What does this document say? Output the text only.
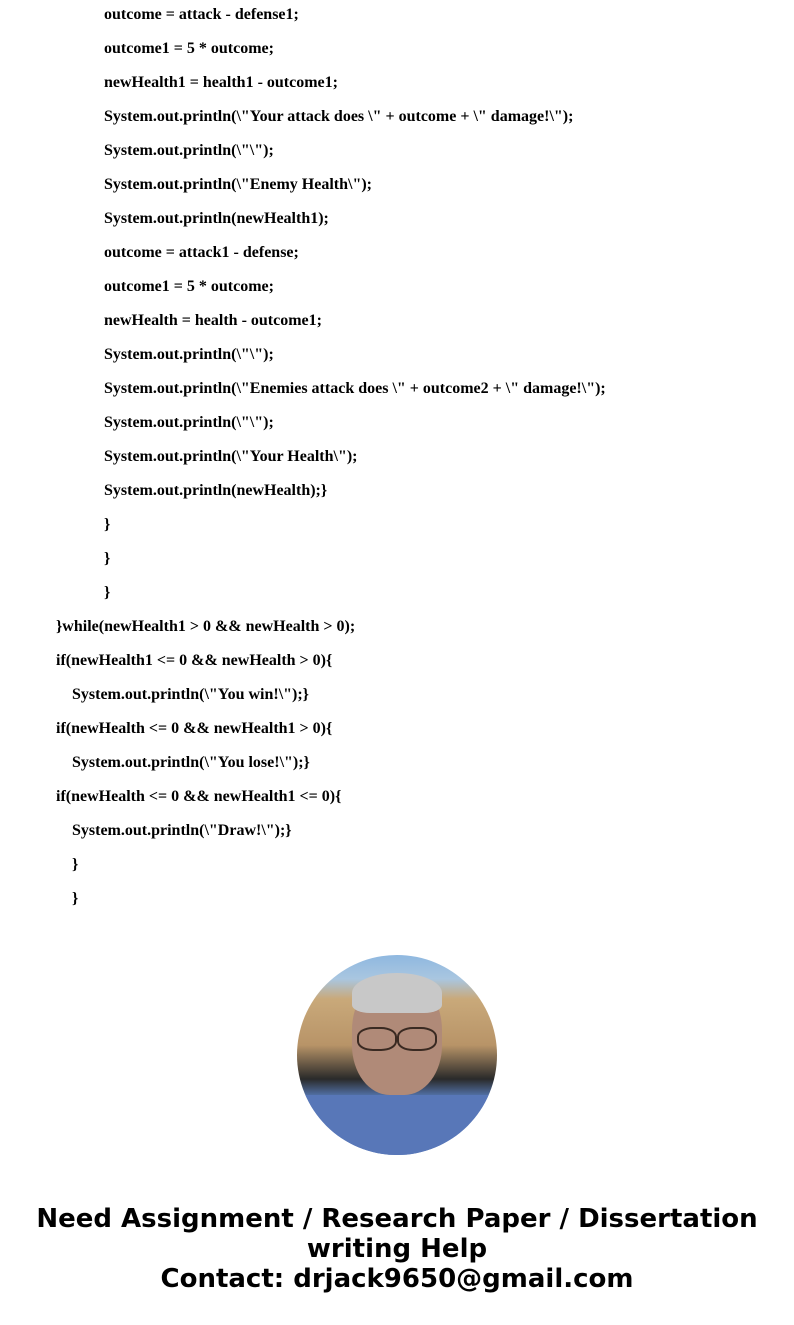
outcome = attack - defense1;
outcome1 = 5 * outcome;
newHealth1 = health1 - outcome1;
System.out.println(\"Your attack does \" + outcome + \" damage!\");
System.out.println(\"\");
System.out.println(\"Enemy Health\");
System.out.println(newHealth1);
outcome = attack1 - defense;
outcome1 = 5 * outcome;
newHealth = health - outcome1;
System.out.println(\"\");
System.out.println(\"Enemies attack does \" + outcome2 + \" damage!\");
System.out.println(\"\");
System.out.println(\"Your Health\");
System.out.println(newHealth);}
}
}
}
}while(newHealth1 > 0 && newHealth > 0);
if(newHealth1 <= 0 && newHealth > 0){
System.out.println(\"You win!\");}
if(newHealth <= 0 && newHealth1 > 0){
System.out.println(\"You lose!\");}
if(newHealth <= 0 && newHealth1 <= 0){
System.out.println(\"Draw!\");}
}
}
Need Assignment / Research Paper / Dissertation
writing Help
Contact: drjack9650@gmail.com
